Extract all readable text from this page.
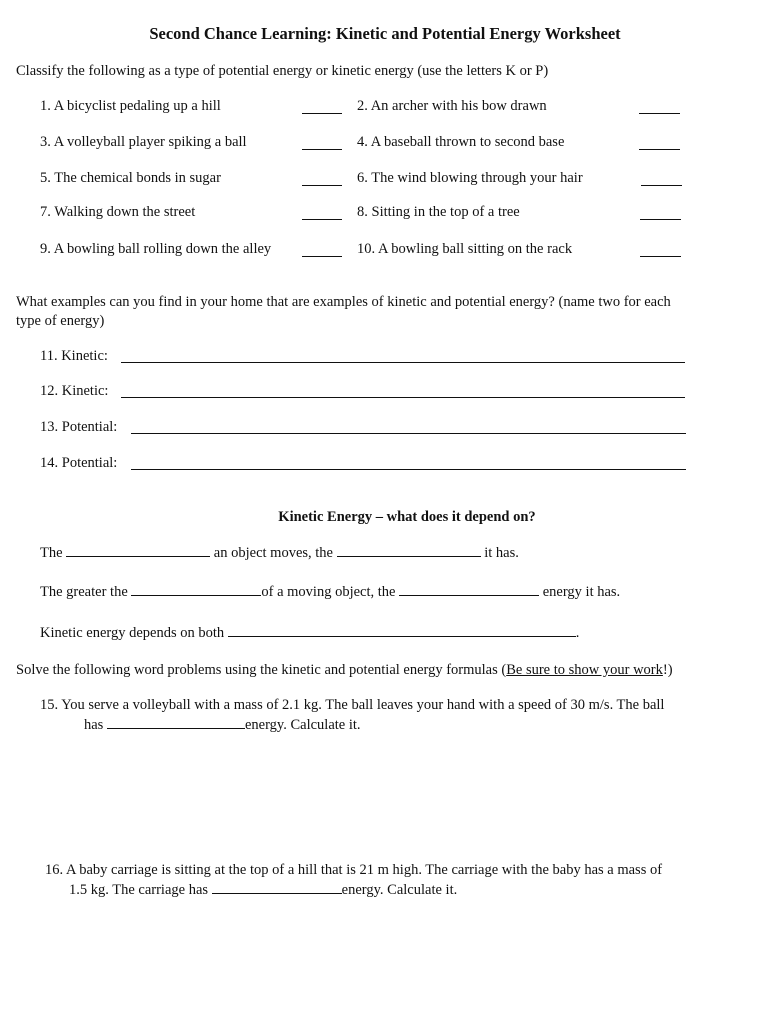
Second Chance Learning: Kinetic and Potential Energy Worksheet
Classify the following as a type of potential energy or kinetic energy (use the letters K or P)
1. A bicyclist pedaling up a hill
3. A volleyball player spiking a ball
5. The chemical bonds in sugar
7. Walking down the street
9. A bowling ball rolling down the alley
2. An archer with his bow drawn
4. A baseball thrown to second base
6. The wind blowing through your hair
8. Sitting in the top of a tree
10. A bowling ball sitting on the rack
What examples can you find in your home that are examples of kinetic and potential energy? (name two for each
type of energy)
11. Kinetic:
12. Kinetic:
13. Potential:
14. Potential:
Kinetic Energy – what does it depend on?
The	an object moves, the	it has.
The greater the	of a moving object, the	energy it has.
Kinetic energy depends on both	.
Solve the following word problems using the kinetic and potential energy formulas (Be sure to show your work!)
15. You serve a volleyball with a mass of 2.1 kg. The ball leaves your hand with a speed of 30 m/s. The ball
has	energy. Calculate it.
16. A baby carriage is sitting at the top of a hill that is 21 m high. The carriage with the baby has a mass of
1.5 kg. The carriage has	energy. Calculate it.
